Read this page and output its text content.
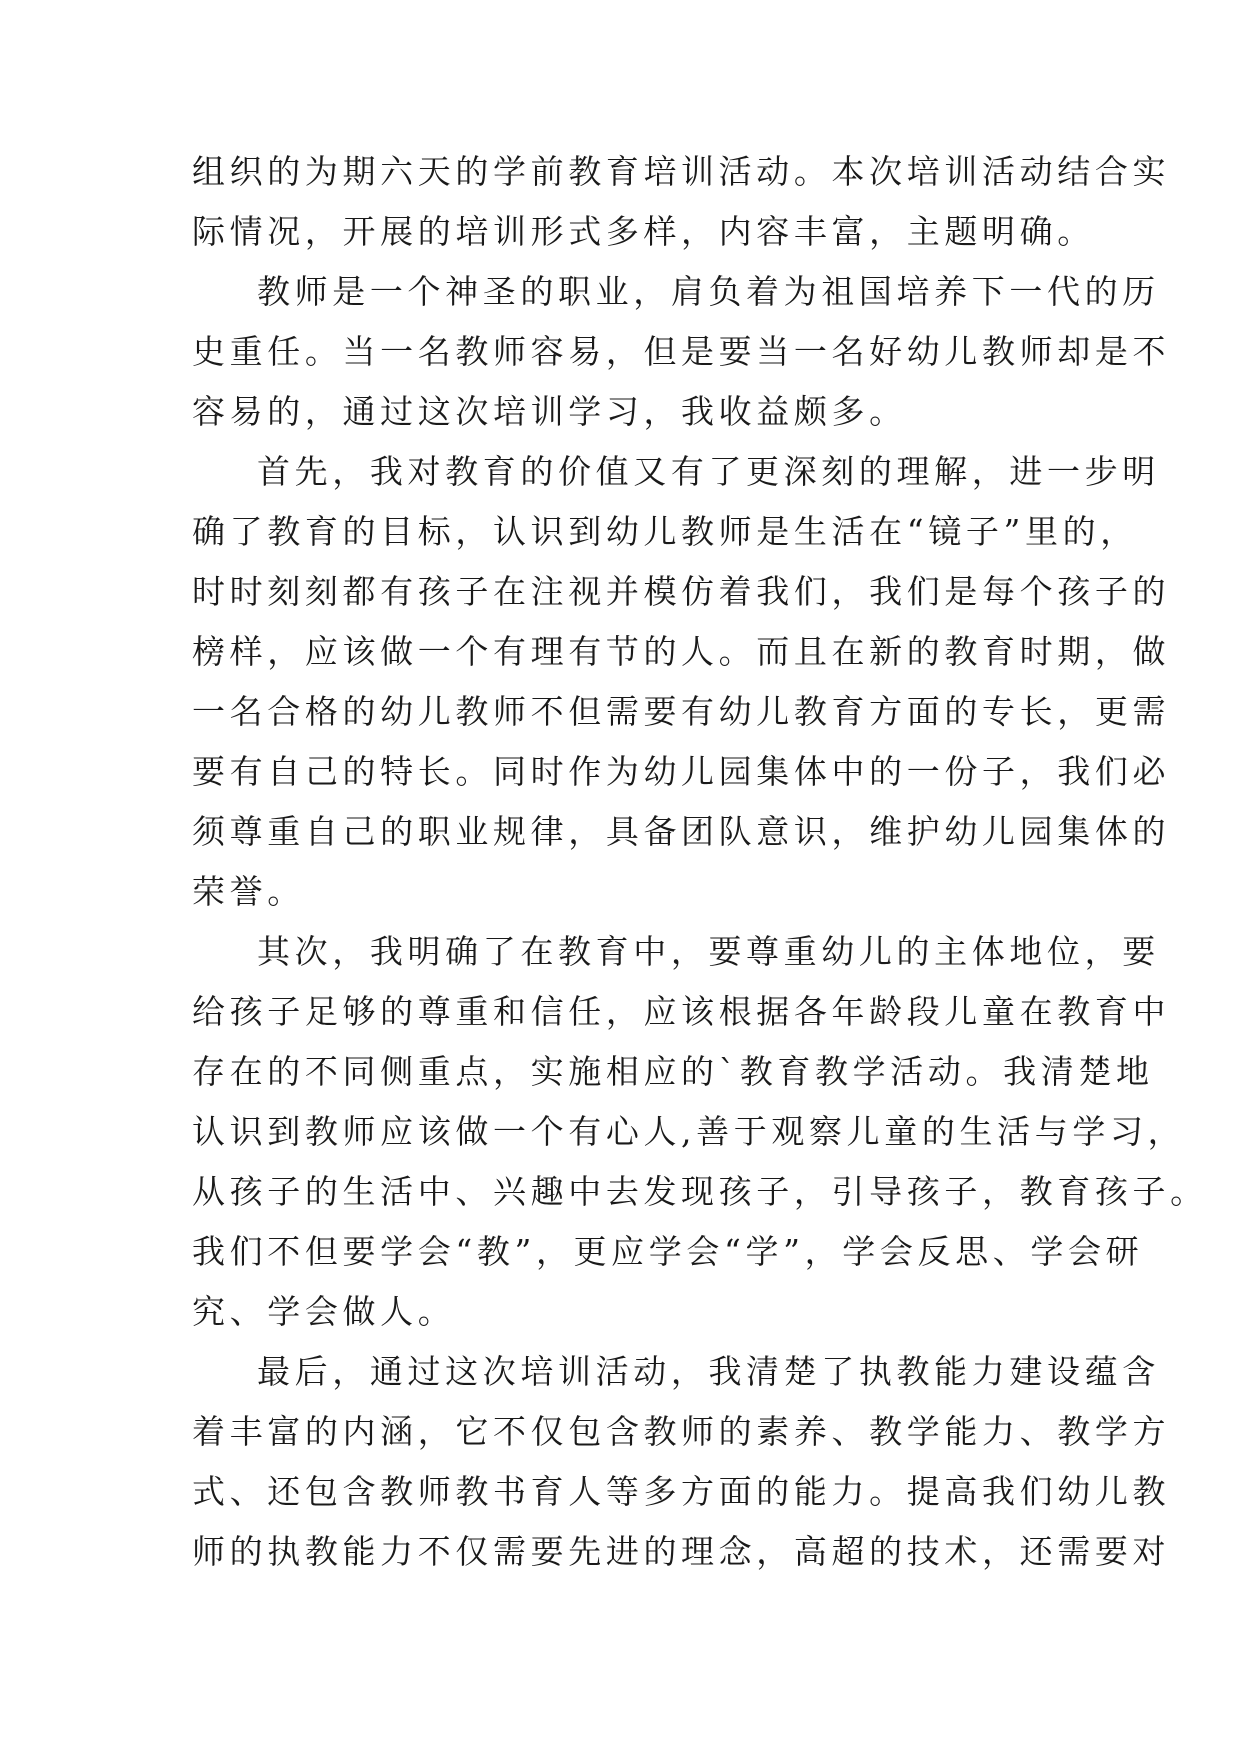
组织的为期六天的学前教育培训活动。本次培训活动结合实
际情况，开展的培训形式多样，内容丰富，主题明确。
教师是一个神圣的职业，肩负着为祖国培养下一代的历
史重任。当一名教师容易，但是要当一名好幼儿教师却是不
容易的，通过这次培训学习，我收益颇多。
首先，我对教育的价值又有了更深刻的理解，进一步明
确了教育的目标，认识到幼儿教师是生活在“镜子”里的，
时时刻刻都有孩子在注视并模仿着我们，我们是每个孩子的
榜样，应该做一个有理有节的人。而且在新的教育时期，做
一名合格的幼儿教师不但需要有幼儿教育方面的专长，更需
要有自己的特长。同时作为幼儿园集体中的一份子，我们必
须尊重自己的职业规律，具备团队意识，维护幼儿园集体的
荣誉。
其次，我明确了在教育中，要尊重幼儿的主体地位，要
给孩子足够的尊重和信任，应该根据各年龄段儿童在教育中
存在的不同侧重点，实施相应的`教育教学活动。我清楚地
认识到教师应该做一个有心人,善于观察儿童的生活与学习，
从孩子的生活中、兴趣中去发现孩子，引导孩子，教育孩子。
我们不但要学会“教”，更应学会“学”，学会反思、学会研
究、学会做人。
最后，通过这次培训活动，我清楚了执教能力建设蕴含
着丰富的内涵，它不仅包含教师的素养、教学能力、教学方
式、还包含教师教书育人等多方面的能力。提高我们幼儿教
师的执教能力不仅需要先进的理念，高超的技术，还需要对
